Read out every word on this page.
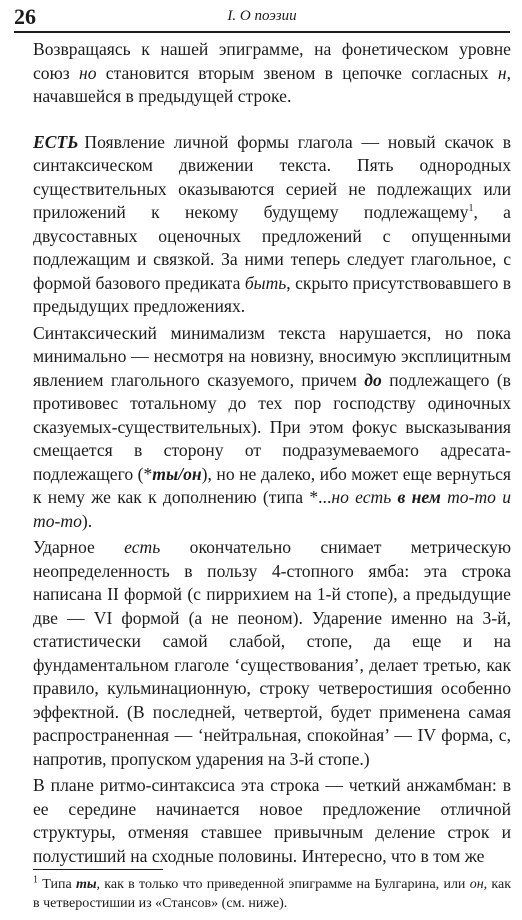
26	I. О поэзии

Возвращаясь к нашей эпиграмме, на фонетическом уровне союз но становится вторым звеном в цепочке согласных н, начавшейся в предыдущей строке.

ЕСТЬ Появление личной формы глагола — новый скачок в синтаксическом движении текста. Пять однородных существительных оказываются серией не подлежащих или приложений к некому будущему подлежащему$^1$, а двусоставных оценочных предложений с опущенными подлежащим и связкой. За ними теперь следует глагольное, с формой базового предиката быть, скрыто присутствовавшего в предыдущих предложениях.

Синтаксический минимализм текста нарушается, но пока минимально — несмотря на новизну, вносимую эксплицитным явлением глагольного сказуемого, причем до подлежащего (в противовес тотальному до тех пор господству одиночных сказуемых-существительных). При этом фокус высказывания смещается в сторону от подразумеваемого адресата-подлежащего (*ты/он), но не далеко, ибо может еще вернуться к нему же как к дополнению (типа *...но есть в нем то-то и то-то).

Ударное есть окончательно снимает метрическую неопределенность в пользу 4-стопного ямба: эта строка написана II формой (с пиррихием на 1-й стопе), а предыдущие две — VI формой (а не пеоном). Ударение именно на 3-й, статистически самой слабой, стопе, да еще и на фундаментальном глаголе ‘существования’, делает третью, как правило, кульминационную, строку четверостишия особенно эффектной. (В последней, четвертой, будет применена самая распространенная — ‘нейтральная, спокойная’ — IV форма, с, напротив, пропуском ударения на 3-й стопе.)

В плане ритмо-синтаксиса эта строка — четкий анжамбман: в ее середине начинается новое предложение отличной структуры, отменяя ставшее привычным деление строк и полустиший на сходные половины. Интересно, что в том же

$^1$ Типа ты, как в только что приведенной эпиграмме на Булгарина, или он, как в четверостишии из «Стансов» (см. ниже).
